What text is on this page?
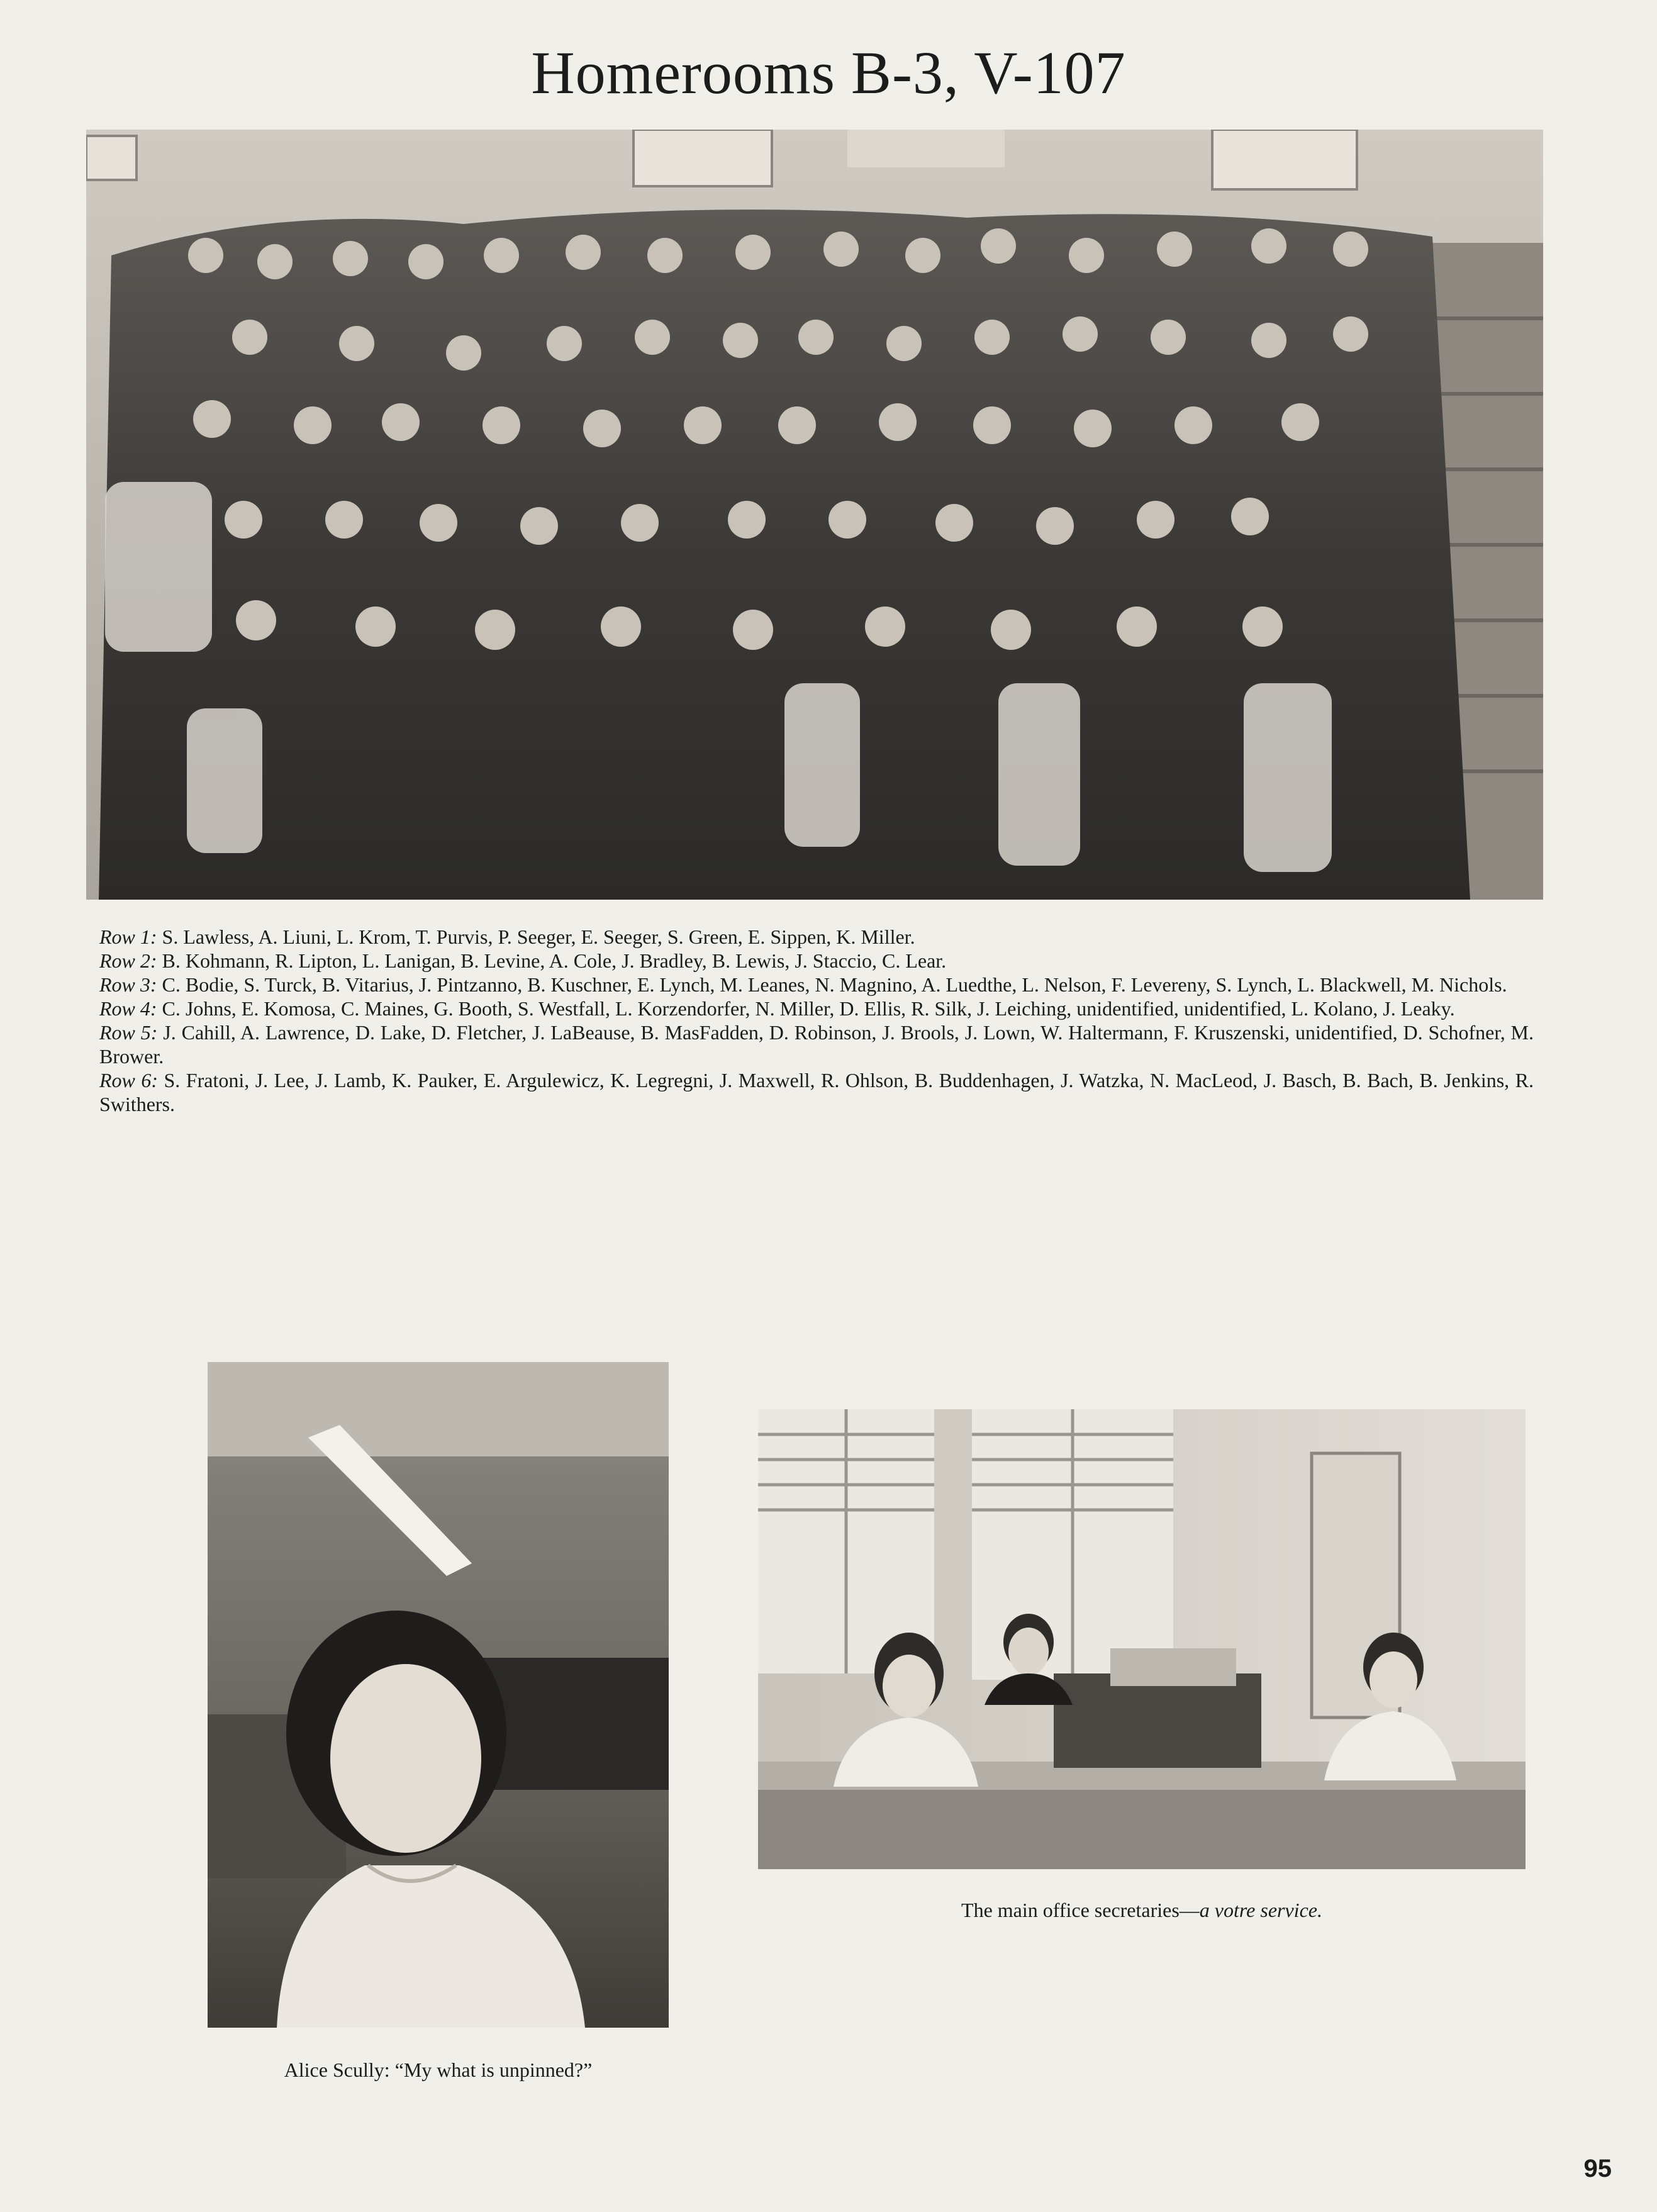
Homerooms B-3, V-107

Row 1: S. Lawless, A. Liuni, L. Krom, T. Purvis, P. Seeger, E. Seeger, S. Green, E. Sippen, K. Miller.

Row 2: B. Kohmann, R. Lipton, L. Lanigan, B. Levine, A. Cole, J. Bradley, B. Lewis, J. Staccio, C. Lear.

Row 3: C. Bodie, S. Turck, B. Vitarius, J. Pintzanno, B. Kuschner, E. Lynch, M. Leanes, N. Magnino, A. Luedthe, L. Nelson, F. Levereny, S. Lynch, L. Blackwell, M. Nichols.

Row 4: C. Johns, E. Komosa, C. Maines, G. Booth, S. Westfall, L. Korzendorfer, N. Miller, D. Ellis, R. Silk, J. Leiching, unidentified, unidentified, L. Kolano, J. Leaky.

Row 5: J. Cahill, A. Lawrence, D. Lake, D. Fletcher, J. LaBeause, B. MasFadden, D. Robinson, J. Brools, J. Lown, W. Haltermann, F. Kruszenski, unidentified, D. Schofner, M. Brower.

Row 6: S. Fratoni, J. Lee, J. Lamb, K. Pauker, E. Argulewicz, K. Legregni, J. Maxwell, R. Ohlson, B. Buddenhagen, J. Watzka, N. MacLeod, J. Basch, B. Bach, B. Jenkins, R. Swithers.

The main office secretaries—a votre service.

Alice Scully: “My what is unpinned?”

95
